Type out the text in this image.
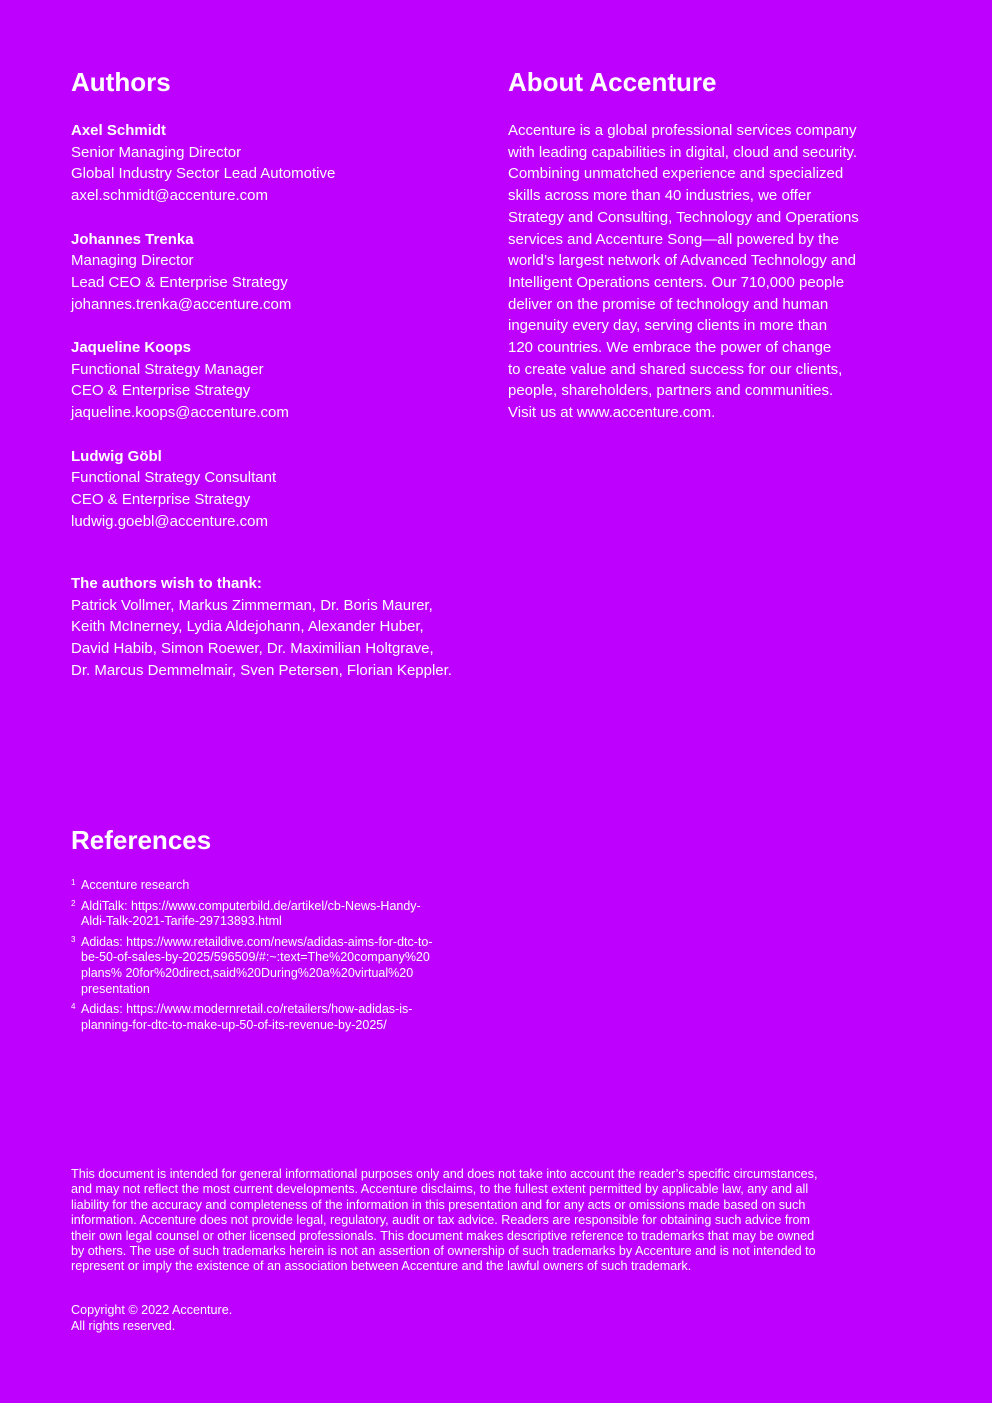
Authors
Axel Schmidt
Senior Managing Director
Global Industry Sector Lead Automotive
axel.schmidt@accenture.com
Johannes Trenka
Managing Director
Lead CEO & Enterprise Strategy
johannes.trenka@accenture.com
Jaqueline Koops
Functional Strategy Manager
CEO & Enterprise Strategy
jaqueline.koops@accenture.com
Ludwig Göbl
Functional Strategy Consultant
CEO & Enterprise Strategy
ludwig.goebl@accenture.com
The authors wish to thank:
Patrick Vollmer, Markus Zimmerman, Dr. Boris Maurer,
Keith McInerney, Lydia Aldejohann, Alexander Huber,
David Habib, Simon Roewer, Dr. Maximilian Holtgrave,
Dr. Marcus Demmelmair, Sven Petersen, Florian Keppler.
About Accenture
Accenture is a global professional services company
with leading capabilities in digital, cloud and security.
Combining unmatched experience and specialized
skills across more than 40 industries, we offer
Strategy and Consulting, Technology and Operations
services and Accenture Song—all powered by the
world’s largest network of Advanced Technology and
Intelligent Operations centers. Our 710,000 people
deliver on the promise of technology and human
ingenuity every day, serving clients in more than
120 countries. We embrace the power of change
to create value and shared success for our clients,
people, shareholders, partners and communities.
Visit us at www.accenture.com.
References
1 Accenture research
2 AldiTalk: https://www.computerbild.de/artikel/cb-News-Handy-
Aldi-Talk-2021-Tarife-29713893.html
3 Adidas: https://www.retaildive.com/news/adidas-aims-for-dtc-to-
be-50-of-sales-by-2025/596509/#:~:text=The%20company%20
plans% 20for%20direct,said%20During%20a%20virtual%20
presentation
4 Adidas: https://www.modernretail.co/retailers/how-adidas-is-
planning-for-dtc-to-make-up-50-of-its-revenue-by-2025/
This document is intended for general informational purposes only and does not take into account the reader’s specific circumstances,
and may not reflect the most current developments. Accenture disclaims, to the fullest extent permitted by applicable law, any and all
liability for the accuracy and completeness of the information in this presentation and for any acts or omissions made based on such
information. Accenture does not provide legal, regulatory, audit or tax advice. Readers are responsible for obtaining such advice from
their own legal counsel or other licensed professionals. This document makes descriptive reference to trademarks that may be owned
by others. The use of such trademarks herein is not an assertion of ownership of such trademarks by Accenture and is not intended to
represent or imply the existence of an association between Accenture and the lawful owners of such trademark.
Copyright © 2022 Accenture.
All rights reserved.
